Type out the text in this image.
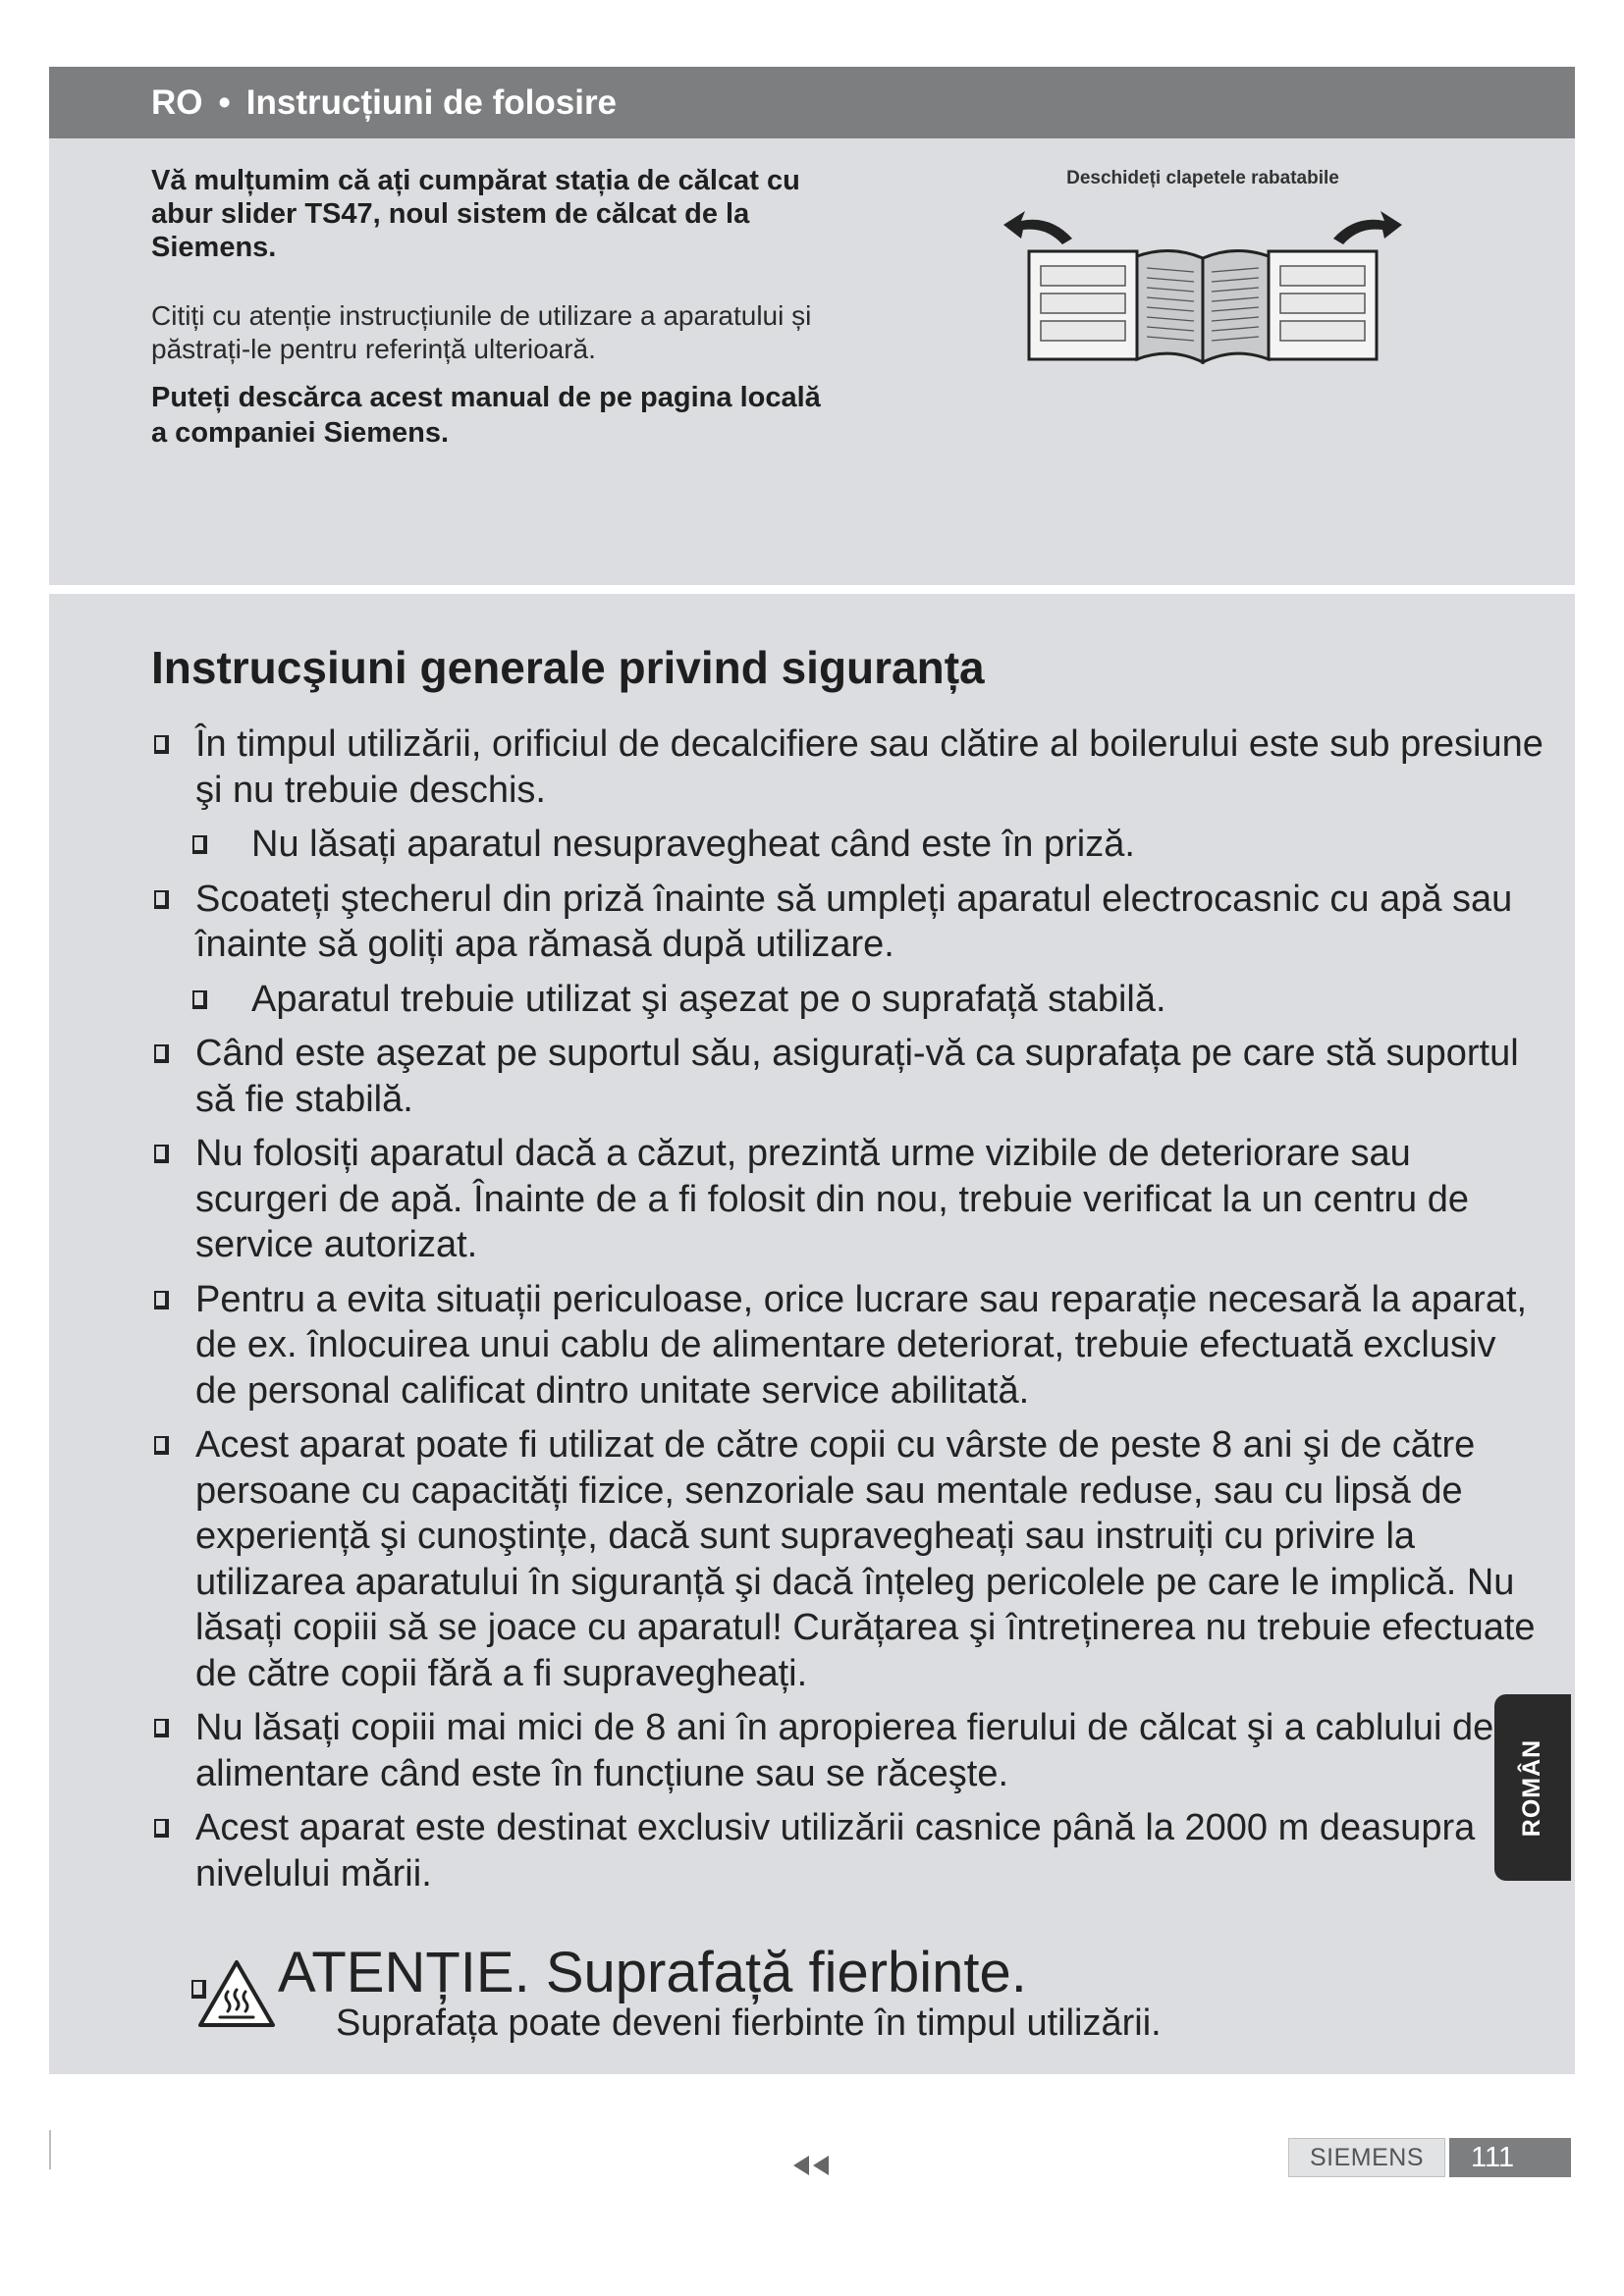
RO • Instrucțiuni de folosire

Vă mulțumim că ați cumpărat stația de călcat cu abur slider TS47, noul sistem de călcat de la Siemens.

Citiți cu atenție instrucțiunile de utilizare a aparatului și păstrați-le pentru referință ulterioară.

Puteți descărca acest manual de pe pagina locală a companiei Siemens.

Deschideți clapetele rabatabile
Instrucşiuni generale privind siguranța
În timpul utilizării, orificiul de decalcifiere sau clătire al boilerului este sub presiune şi nu trebuie deschis.
Nu lăsați aparatul nesupravegheat când este în priză.
Scoateți ştecherul din priză înainte să umpleți aparatul electrocasnic cu apă sau înainte să goliți apa rămasă după utilizare.
Aparatul trebuie utilizat şi aşezat pe o suprafață stabilă.
Când este aşezat pe suportul său, asigurați-vă ca suprafața pe care stă suportul să fie stabilă.
Nu folosiți aparatul dacă a căzut, prezintă urme vizibile de deteriorare sau scurgeri de apă. Înainte de a fi folosit din nou, trebuie verificat la un centru de service autorizat.
Pentru a evita situații periculoase, orice lucrare sau reparație necesară la aparat, de ex. înlocuirea unui cablu de alimentare deteriorat, trebuie efectuată exclusiv de personal calificat dintro unitate service abilitată.
Acest aparat poate fi utilizat de către copii cu vârste de peste 8 ani şi de către persoane cu capacități fizice, senzoriale sau mentale reduse, sau cu lipsă de experiență şi cunoştințe, dacă sunt supravegheați sau instruiți cu privire la utilizarea aparatului în siguranță şi dacă înțeleg pericolele pe care le implică. Nu lăsați copiii să se joace cu aparatul! Curățarea şi întreținerea nu trebuie efectuate de către copii fără a fi supravegheați.
Nu lăsați copiii mai mici de 8 ani în apropierea fierului de călcat şi a cablului de alimentare când este în funcțiune sau se răceşte.
Acest aparat este destinat exclusiv utilizării casnice până la 2000 m deasupra nivelului mării.
ATENȚIE. Suprafață fierbinte.
Suprafața poate deveni fierbinte în timpul utilizării.
ROMÂN
SIEMENS	111
